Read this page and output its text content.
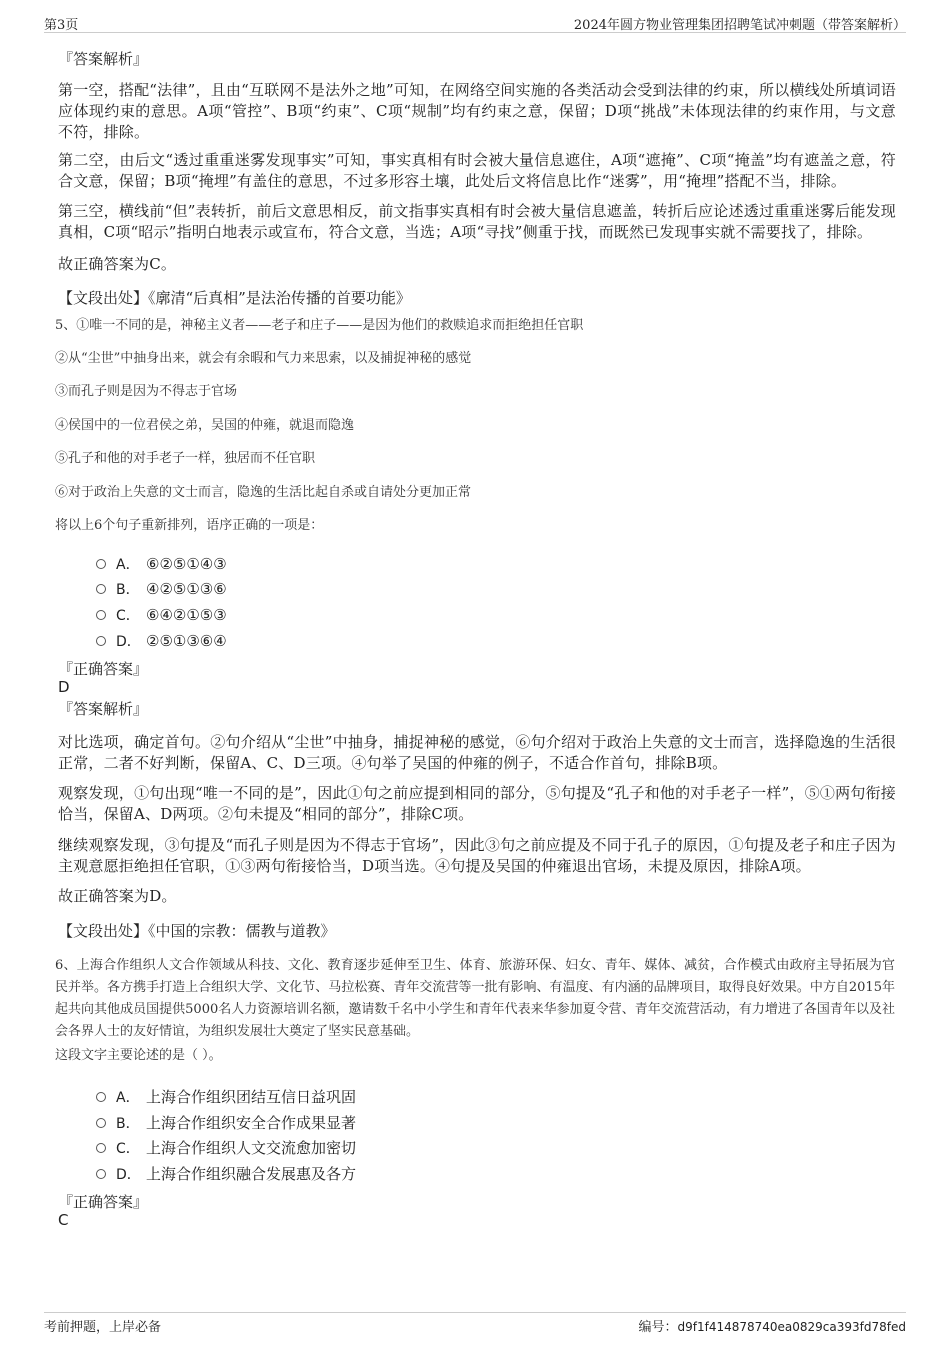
第3页	2024年圆方物业管理集团招聘笔试冲刺题（带答案解析）
『答案解析』
第一空，搭配“法律”，且由“互联网不是法外之地”可知，在网络空间实施的各类活动会受到法律的约束，所以横线处所填词语应体现约束的意思。A项“管控”、B项“约束”、C项“规制”均有约束之意，保留；D项“挑战”未体现法律的约束作用，与文意不符，排除。
第二空，由后文“透过重重迷雾发现事实”可知，事实真相有时会被大量信息遮住，A项“遮掩”、C项“掩盖”均有遮盖之意，符合文意，保留；B项“掩埋”有盖住的意思，不过多形容土壤，此处后文将信息比作“迷雾”，用“掩埋”搭配不当，排除。
第三空，横线前“但”表转折，前后文意思相反，前文指事实真相有时会被大量信息遮盖，转折后应论述透过重重迷雾后能发现真相，C项“昭示”指明白地表示或宣布，符合文意，当选；A项“寻找”侧重于找，而既然已发现事实就不需要找了，排除。
故正确答案为C。
【文段出处】《廓清“后真相”是法治传播的首要功能》
5、①唯一不同的是，神秘主义者——老子和庄子——是因为他们的救赎追求而拒绝担任官职
②从“尘世”中抽身出来，就会有余暇和气力来思索，以及捕捉神秘的感觉
③而孔子则是因为不得志于官场
④侯国中的一位君侯之弟，吴国的仲雍，就退而隐逸
⑤孔子和他的对手老子一样，独居而不任官职
⑥对于政治上失意的文士而言，隐逸的生活比起自杀或自请处分更加正常
将以上6个句子重新排列，语序正确的一项是：
A． ⑥②⑤①④③
B． ④②⑤①③⑥
C． ⑥④②①⑤③
D． ②⑤①③⑥④
『正确答案』
D
『答案解析』
对比选项，确定首句。②句介绍从“尘世”中抽身，捕捉神秘的感觉，⑥句介绍对于政治上失意的文士而言，选择隐逸的生活很正常，二者不好判断，保留A、C、D三项。④句举了吴国的仲雍的例子，不适合作首句，排除B项。
观察发现，①句出现“唯一不同的是”，因此①句之前应提到相同的部分，⑤句提及“孔子和他的对手老子一样”，⑤①两句衔接恰当，保留A、D两项。②句未提及“相同的部分”，排除C项。
继续观察发现，③句提及“而孔子则是因为不得志于官场”，因此③句之前应提及不同于孔子的原因，①句提及老子和庄子因为主观意愿拒绝担任官职，①③两句衔接恰当，D项当选。④句提及吴国的仲雍退出官场，未提及原因，排除A项。
故正确答案为D。
【文段出处】《中国的宗教：儒教与道教》
6、上海合作组织人文合作领域从科技、文化、教育逐步延伸至卫生、体育、旅游环保、妇女、青年、媒体、减贫，合作模式由政府主导拓展为官民并举。各方携手打造上合组织大学、文化节、马拉松赛、青年交流营等一批有影响、有温度、有内涵的品牌项目，取得良好效果。中方自2015年起共向其他成员国提供5000名人力资源培训名额，邀请数千名中小学生和青年代表来华参加夏令营、青年交流营活动，有力增进了各国青年以及社会各界人士的友好情谊，为组织发展壮大奠定了坚实民意基础。
这段文字主要论述的是（ ）。
A． 上海合作组织团结互信日益巩固
B． 上海合作组织安全合作成果显著
C． 上海合作组织人文交流愈加密切
D． 上海合作组织融合发展惠及各方
『正确答案』
C
考前押题，上岸必备	编号：d9f1f414878740ea0829ca393fd78fed
